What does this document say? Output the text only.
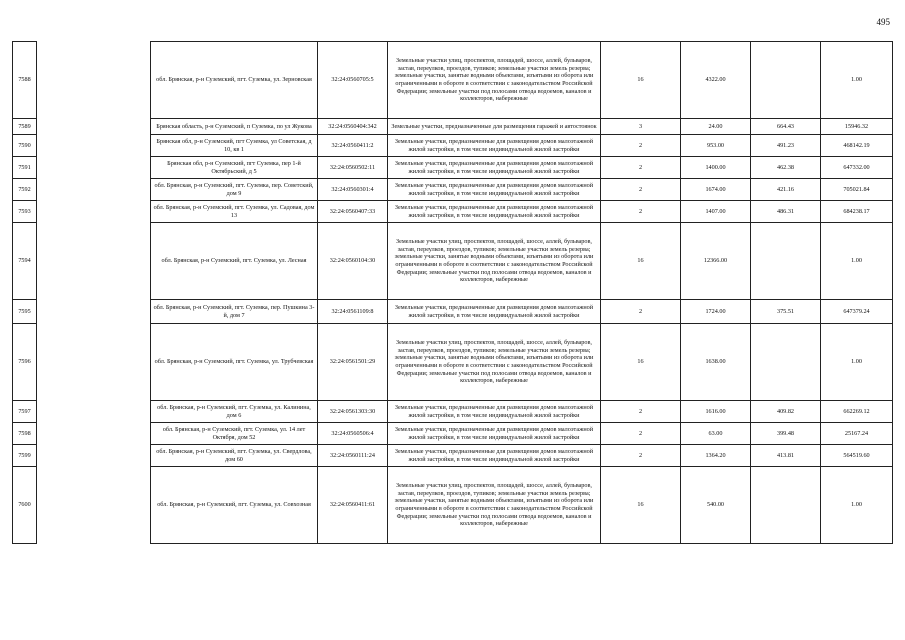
495
7588		обл. Брянская, р-н Суземский, пгт. Суземка, ул. Зерновская	32:24:0560705:5	Земельные участки улиц, проспектов, площадей, шоссе, аллей, бульваров, застав, переулков, проездов, тупиков; земельные участки земель резерва; земельные участки, занятые водными объектами, изъятыми из оборота или ограниченными в обороте в соответствии с законодательством Российской Федерации; земельные участки под полосами отвода водоемов, каналов и коллекторов, набережные	16	4322.00		1.00
7589		Брянская область, р-н Суземский, п Суземка, по ул Жукова	32:24:0560404:342	Земельные участки, предназначенные для размещения гаражей и автостоянок	3	24.00	664.43	15946.32
7590		Брянская обл, р-н Суземский, пгт Суземка, ул Советская, д 10, кв 1	32:24:0560411:2	Земельные участки, предназначенные для размещения домов малоэтажной жилой застройки, в том числе индивидуальной жилой застройки	2	953.00	491.23	468142.19
7591		Брянская обл, р-н Суземский, пгт Суземка, пер 1-й Октябрьский, д 5	32:24:0560502:11	Земельные участки, предназначенные для размещения домов малоэтажной жилой застройки, в том числе индивидуальной жилой застройки	2	1400.00	462.38	647332.00
7592		обл. Брянская, р-н Суземский, пгт. Суземка, пер. Советский, дом 9	32:24:0560301:4	Земельные участки, предназначенные для размещения домов малоэтажной жилой застройки, в том числе индивидуальной жилой застройки	2	1674.00	421.16	705021.84
7593		обл. Брянская, р-н Суземский, пгт. Суземка, ул. Садовая, дом 13	32:24:0560407:33	Земельные участки, предназначенные для размещения домов малоэтажной жилой застройки, в том числе индивидуальной жилой застройки	2	1407.00	486.31	684238.17
7594		обл. Брянская, р-н Суземский, пгт. Суземка, ул. Лесная	32:24:0560104:30	Земельные участки улиц, проспектов, площадей, шоссе, аллей, бульваров, застав, переулков, проездов, тупиков; земельные участки земель резерва; земельные участки, занятые водными объектами, изъятыми из оборота или ограниченными в обороте в соответствии с законодательством Российской Федерации; земельные участки под полосами отвода водоемов, каналов и коллекторов, набережные	16	12366.00		1.00
7595		обл. Брянская, р-н Суземский, пгт. Суземка, пер. Пушкина 3-й, дом 7	32:24:0561109:8	Земельные участки, предназначенные для размещения домов малоэтажной жилой застройки, в том числе индивидуальной жилой застройки	2	1724.00	375.51	647379.24
7596		обл. Брянская, р-н Суземский, пгт. Суземка, ул. Трубчевская	32:24:0561501:29	Земельные участки улиц, проспектов, площадей, шоссе, аллей, бульваров, застав, переулков, проездов, тупиков; земельные участки земель резерва; земельные участки, занятые водными объектами, изъятыми из оборота или ограниченными в обороте в соответствии с законодательством Российской Федерации; земельные участки под полосами отвода водоемов, каналов и коллекторов, набережные	16	1638.00		1.00
7597		обл. Брянская, р-н Суземский, пгт. Суземка, ул. Калинина, дом 6	32:24:0561303:30	Земельные участки, предназначенные для размещения домов малоэтажной жилой застройки, в том числе индивидуальной жилой застройки	2	1616.00	409.82	662269.12
7598		обл. Брянская, р-н Суземский, пгт. Суземка, ул. 14 лет Октября, дом 52	32:24:0560506:4	Земельные участки, предназначенные для размещения домов малоэтажной жилой застройки, в том числе индивидуальной жилой застройки	2	63.00	399.48	25167.24
7599		обл. Брянская, р-н Суземский, пгт. Суземка, ул. Свердлова, дом 60	32:24:0560111:24	Земельные участки, предназначенные для размещения домов малоэтажной жилой застройки, в том числе индивидуальной жилой застройки	2	1364.20	413.81	564519.60
7600		обл. Брянская, р-н Суземский, пгт. Суземка, ул. Совхозная	32:24:0560411:61	Земельные участки улиц, проспектов, площадей, шоссе, аллей, бульваров, застав, переулков, проездов, тупиков; земельные участки земель резерва; земельные участки, занятые водными объектами, изъятыми из оборота или ограниченными в обороте в соответствии с законодательством Российской Федерации; земельные участки под полосами отвода водоемов, каналов и коллекторов, набережные	16	540.00		1.00
